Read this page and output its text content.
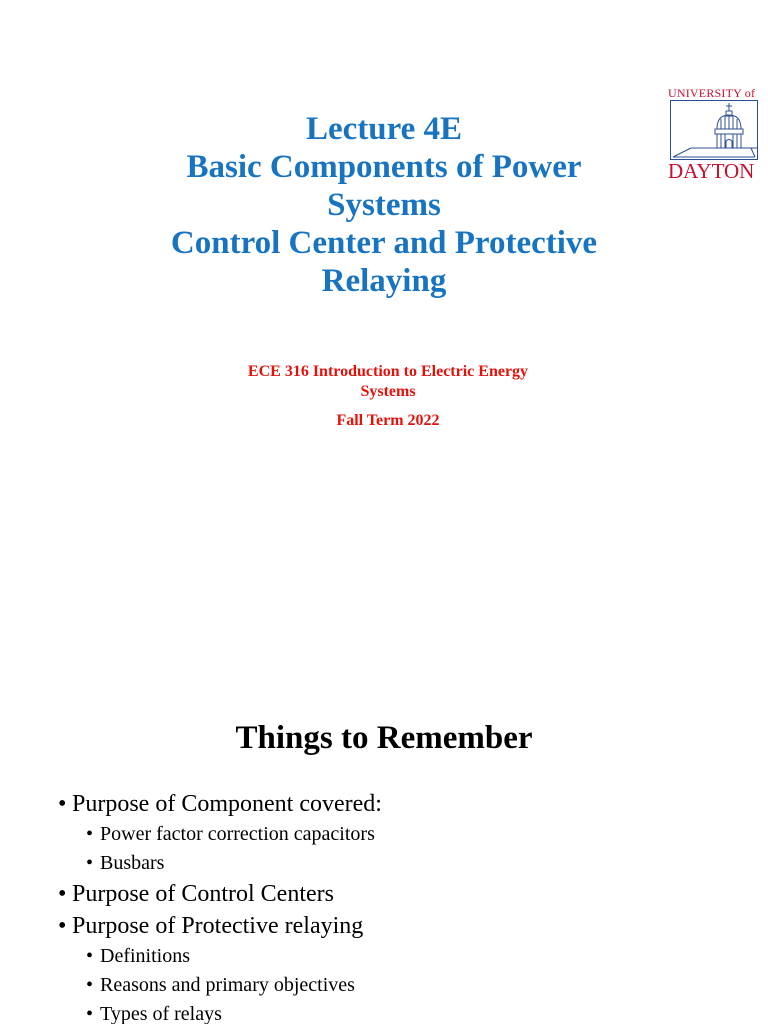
Lecture 4E
Basic Components of Power
Systems
Control Center and Protective
Relaying
ECE 316 Introduction to Electric Energy
Systems
Fall Term 2022
UNIVERSITY of
DAYTON
Things to Remember
• Purpose of Component covered:
• Power factor correction capacitors
• Busbars
• Purpose of Control Centers
• Purpose of Protective relaying
• Definitions
• Reasons and primary objectives
• Types of relays
